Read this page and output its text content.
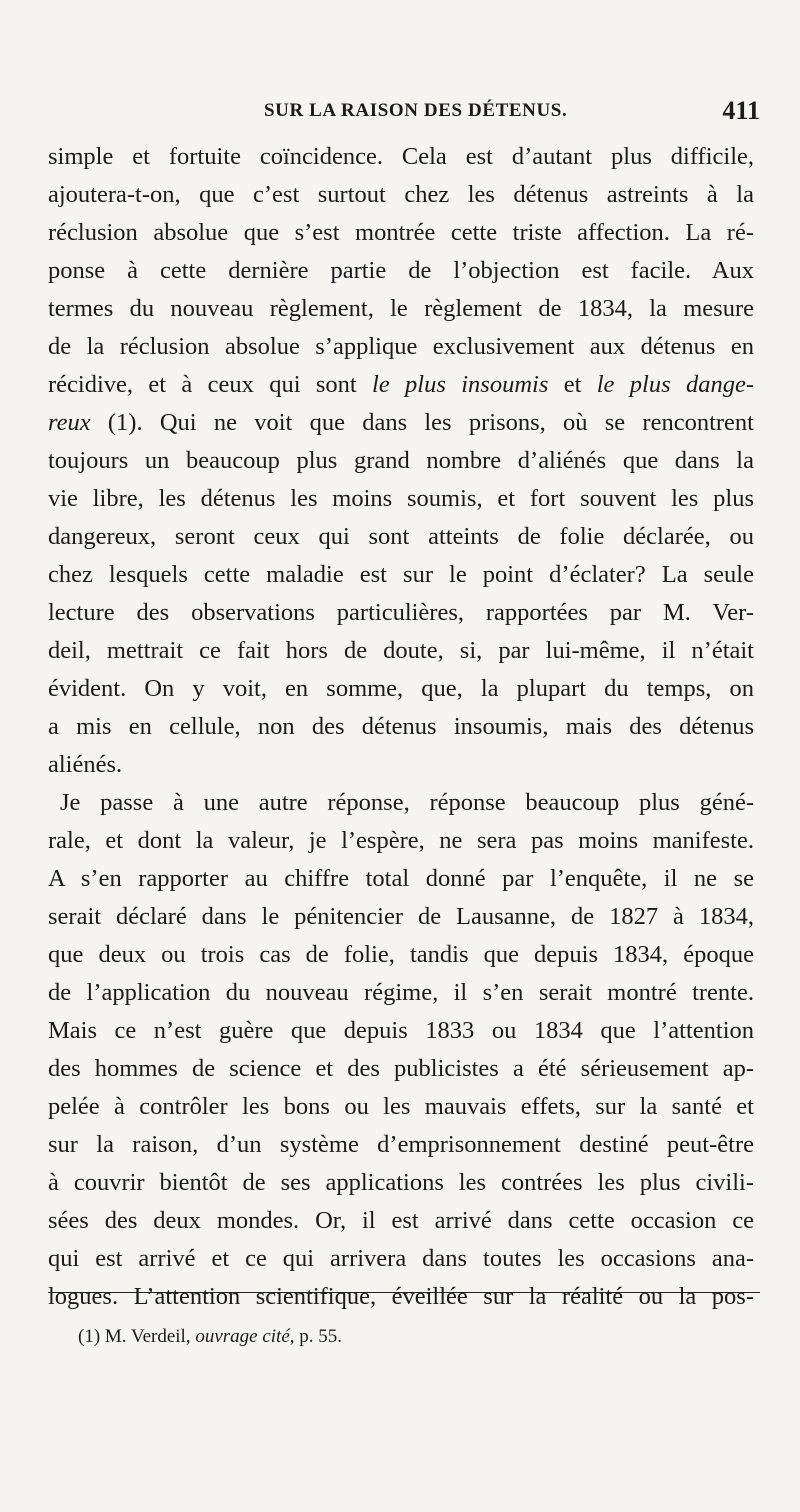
SUR LA RAISON DES DÉTENUS.	411
simple et fortuite coïncidence. Cela est d’autant plus difficile,
ajoutera-t-on, que c’est surtout chez les détenus astreints à la
réclusion absolue que s’est montrée cette triste affection. La ré-
ponse à cette dernière partie de l’objection est facile. Aux
termes du nouveau règlement, le règlement de 1834, la mesure
de la réclusion absolue s’applique exclusivement aux détenus en
récidive, et à ceux qui sont le plus insoumis et le plus dange-
reux (1). Qui ne voit que dans les prisons, où se rencontrent
toujours un beaucoup plus grand nombre d’aliénés que dans la
vie libre, les détenus les moins soumis, et fort souvent les plus
dangereux, seront ceux qui sont atteints de folie déclarée, ou
chez lesquels cette maladie est sur le point d’éclater? La seule
lecture des observations particulières, rapportées par M. Ver-
deil, mettrait ce fait hors de doute, si, par lui-même, il n’était
évident. On y voit, en somme, que, la plupart du temps, on
a mis en cellule, non des détenus insoumis, mais des détenus
aliénés.
Je passe à une autre réponse, réponse beaucoup plus géné-
rale, et dont la valeur, je l’espère, ne sera pas moins manifeste.
A s’en rapporter au chiffre total donné par l’enquête, il ne se
serait déclaré dans le pénitencier de Lausanne, de 1827 à 1834,
que deux ou trois cas de folie, tandis que depuis 1834, époque
de l’application du nouveau régime, il s’en serait montré trente.
Mais ce n’est guère que depuis 1833 ou 1834 que l’attention
des hommes de science et des publicistes a été sérieusement ap-
pelée à contrôler les bons ou les mauvais effets, sur la santé et
sur la raison, d’un système d’emprisonnement destiné peut-être
à couvrir bientôt de ses applications les contrées les plus civili-
sées des deux mondes. Or, il est arrivé dans cette occasion ce
qui est arrivé et ce qui arrivera dans toutes les occasions ana-
logues. L’attention scientifique, éveillée sur la réalité ou la pos-
(1) M. Verdeil, ouvrage cité, p. 55.
